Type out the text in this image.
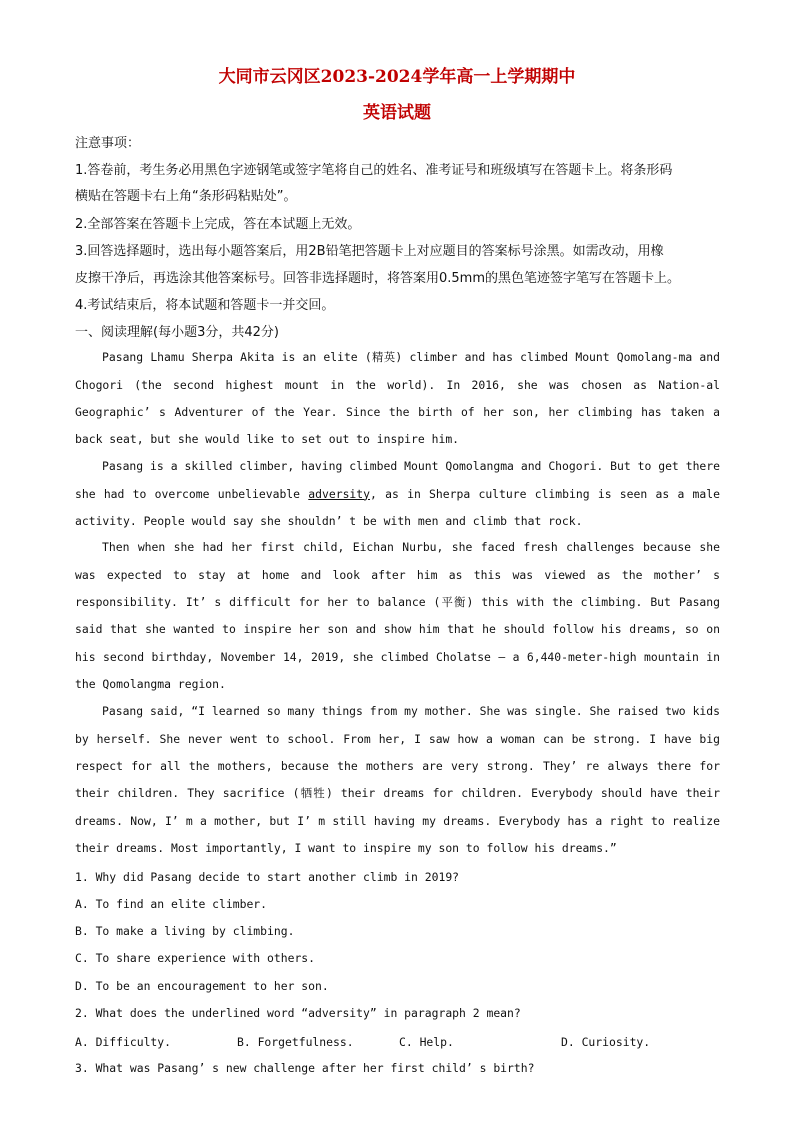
大同市云冈区2023-2024学年高一上学期期中
英语试题
注意事项：
1.答卷前，考生务必用黑色字迹钢笔或签字笔将自己的姓名、准考证号和班级填写在答题卡上。将条形码
横贴在答题卡右上角“条形码粘贴处”。
2.全部答案在答题卡上完成，答在本试题上无效。
3.回答选择题时，选出每小题答案后，用2B铅笔把答题卡上对应题目的答案标号涂黑。如需改动，用橡
皮擦干净后，再选涂其他答案标号。回答非选择题时，将答案用0.5mm的黑色笔迹签字笔写在答题卡上。
4.考试结束后，将本试题和答题卡一并交回。
一、阅读理解(每小题3分，共42分)

Pasang Lhamu Sherpa Akita is an elite (精英) climber and has climbed Mount Qomolang-ma and Chogori (the second highest mount in the world). In 2016, she was chosen as Nation-al Geographic’ s Adventurer of the Year. Since the birth of her son, her climbing has taken a back seat, but she would like to set out to inspire him.

Pasang is a skilled climber, having climbed Mount Qomolangma and Chogori. But to get there she had to overcome unbelievable adversity, as in Sherpa culture climbing is seen as a male activity. People would say she shouldn’ t be with men and climb that rock.

Then when she had her first child, Eichan Nurbu, she faced fresh challenges because she was expected to stay at home and look after him as this was viewed as the mother’ s responsibility. It’ s difficult for her to balance (平衡) this with the climbing. But Pasang said that she wanted to inspire her son and show him that he should follow his dreams, so on his second birthday, November 14, 2019, she climbed Cholatse — a 6,440-meter-high mountain in the Qomolangma region.

Pasang said, “I learned so many things from my mother. She was single. She raised two kids by herself. She never went to school. From her, I saw how a woman can be strong. I have big respect for all the mothers, because the mothers are very strong. They’ re always there for their children. They sacrifice (牺牲) their dreams for children. Everybody should have their dreams. Now, I’ m a mother, but I’ m still having my dreams. Everybody has a right to realize their dreams. Most importantly, I want to inspire my son to follow his dreams.”

1. Why did Pasang decide to start another climb in 2019?
A. To find an elite climber.
B. To make a living by climbing.
C. To share experience with others.
D. To be an encouragement to her son.
2. What does the underlined word “adversity” in paragraph 2 mean?
A. Difficulty.	B. Forgetfulness.	C. Help.	D. Curiosity.
3. What was Pasang’ s new challenge after her first child’ s birth?
